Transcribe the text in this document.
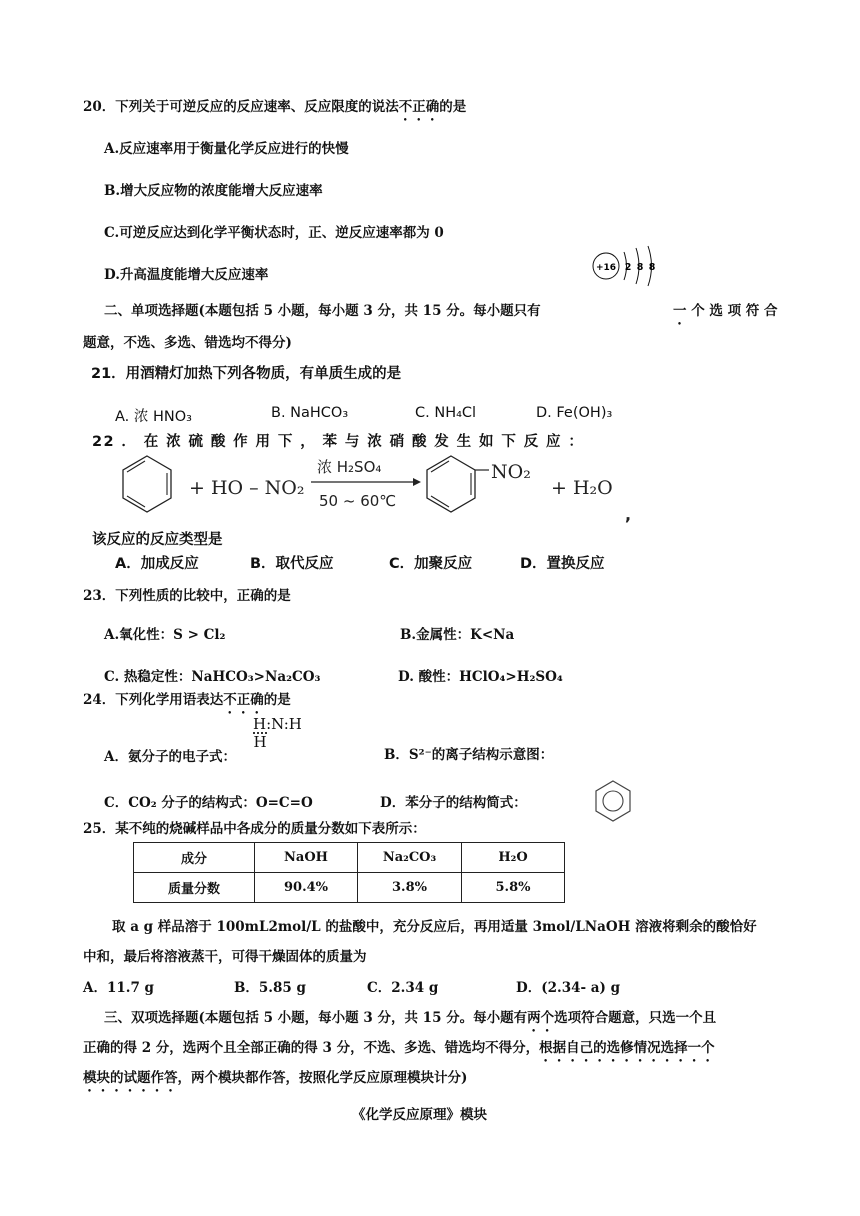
20．下列关于可逆反应的反应速率、反应限度的说法不正确的是
A.反应速率用于衡量化学反应进行的快慢
B.增大反应物的浓度能增大反应速率
C.可逆反应达到化学平衡状态时，正、逆反应速率都为 0
D.升高温度能增大反应速率	+16 2 8 8
二、单项选择题(本题包括 5 小题，每小题 3 分，共 15 分。每小题只有	一 个 选 项 符 合
题意，不选、多选、错选均不得分)
21．用酒精灯加热下列各物质，有单质生成的是
A. 浓 HNO₃	B. NaHCO₃	C. NH₄Cl	D. Fe(OH)₃
22 ． 在 浓 硫 酸 作 用 下 ， 苯 与 浓 硝 酸 发 生 如 下 反 应 ：
+ HO – NO₂
浓 H₂SO₄
50 ~ 60℃
NO₂
+ H₂O
,
该反应的反应类型是
A．加成反应	B．取代反应	C．加聚反应	D．置换反应
23．下列性质的比较中，正确的是
A.氧化性：S > Cl₂	B.金属性：K<Na
C. 热稳定性：NaHCO₃>Na₂CO₃	D. 酸性：HClO₄>H₂SO₄
24．下列化学用语表达不正确的是
H:N:H
H
A．氨分子的电子式：	B．S²⁻的离子结构示意图：
C．CO₂ 分子的结构式：O=C=O	D．苯分子的结构简式：
25．某不纯的烧碱样品中各成分的质量分数如下表所示：
成分	NaOH	Na₂CO₃	H₂O
质量分数	90.4%	3.8%	5.8%
取 a g 样品溶于 100mL2mol/L 的盐酸中，充分反应后，再用适量 3mol/LNaOH 溶液将剩余的酸恰好
中和，最后将溶液蒸干，可得干燥固体的质量为
A．11.7 g	B．5.85 g	C．2.34 g	D．(2.34- a) g
三、双项选择题(本题包括 5 小题，每小题 3 分，共 15 分。每小题有两个选项符合题意，只选一个且
正确的得 2 分，选两个且全部正确的得 3 分，不选、多选、错选均不得分，根据自己的选修情况选择一个
模块的试题作答，两个模块都作答，按照化学反应原理模块计分)
《化学反应原理》模块
